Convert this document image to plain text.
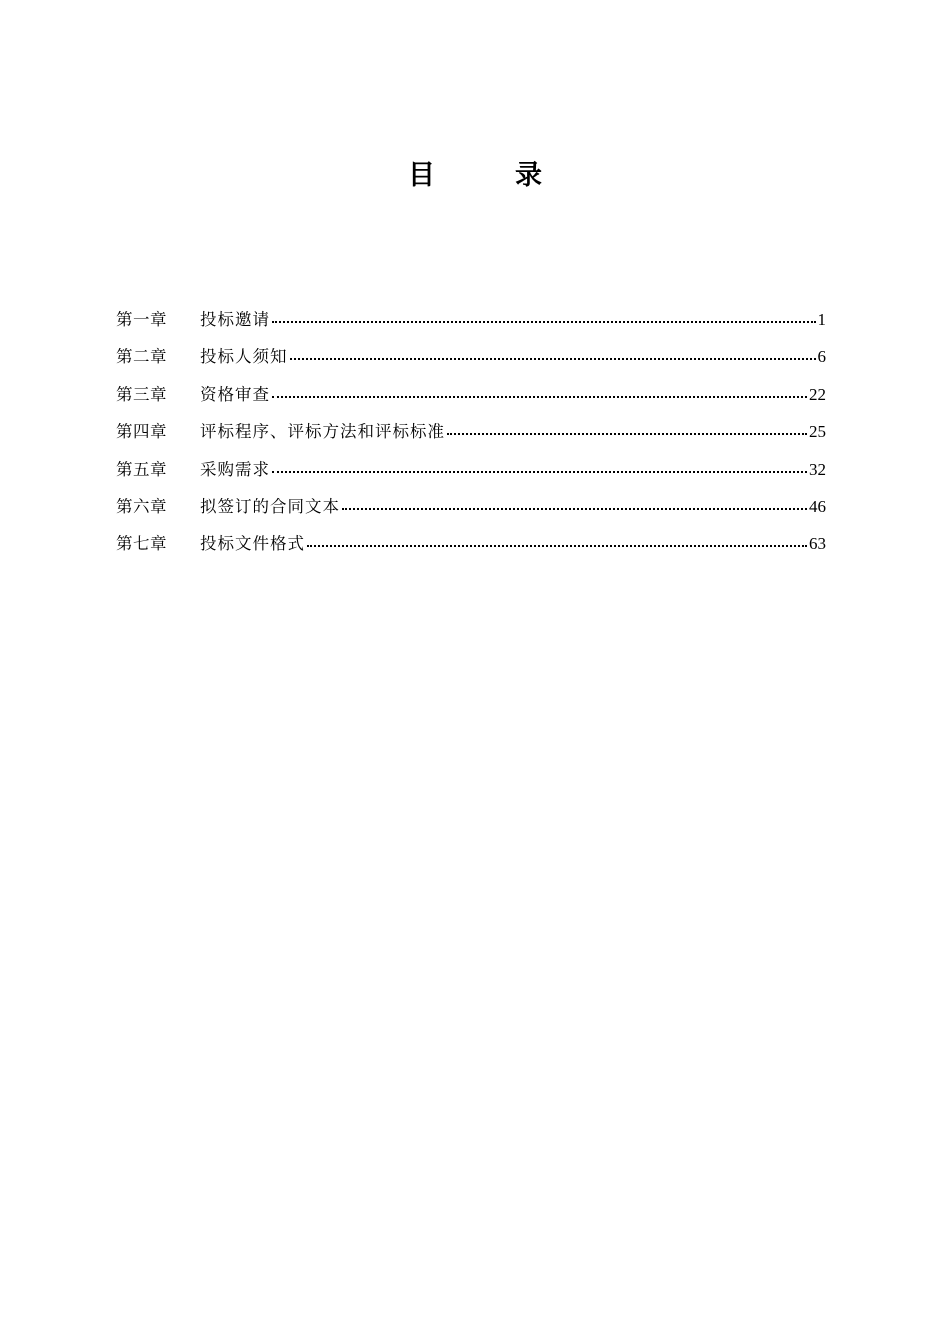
目	录
第一章	投标邀请	1
第二章	投标人须知	6
第三章	资格审查	22
第四章	评标程序、评标方法和评标标准	25
第五章	采购需求	32
第六章	拟签订的合同文本	46
第七章	投标文件格式	63
